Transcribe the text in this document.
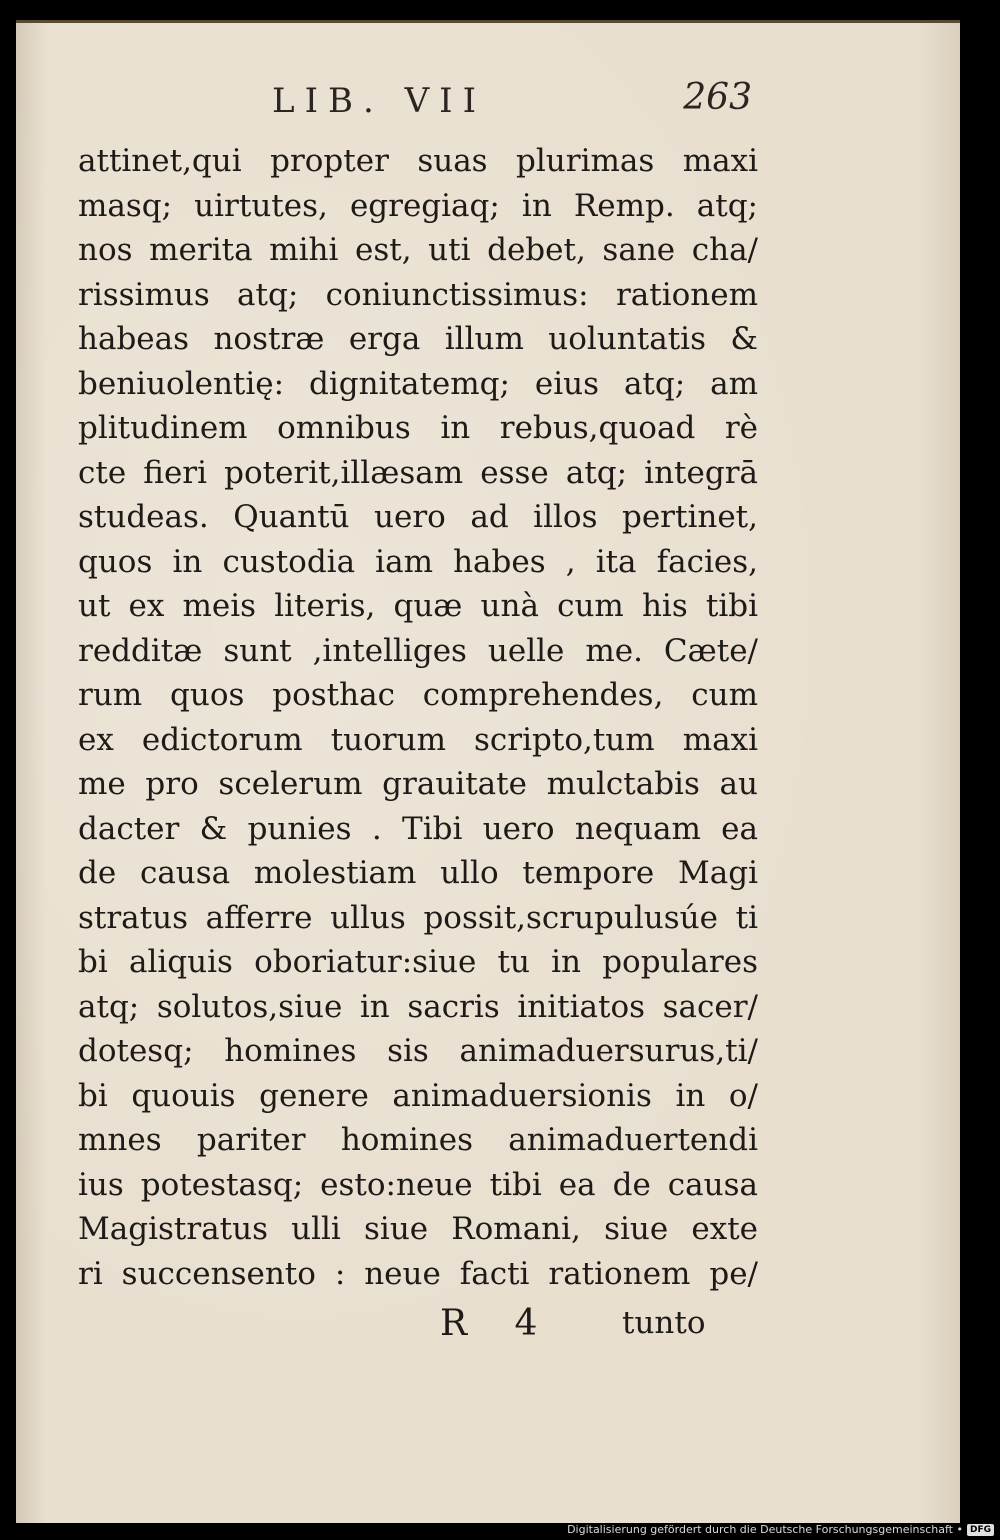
LIB. VII	263
attinet,qui propter suas plurimas maxi
masq; uirtutes, egregiaq; in Remp. atq;
nos merita mihi est, uti debet, sane cha/
rissimus atq; coniunctissimus: rationem
habeas nostræ erga illum uoluntatis &
beniuolentię: dignitatemq; eius atq; am
plitudinem omnibus in rebus,quoad rè
cte fieri poterit,illæsam esse atq; integrā
studeas. Quantū uero ad illos pertinet,
quos in custodia iam habes , ita facies,
ut ex meis literis, quæ unà cum his tibi
redditæ sunt ,intelliges uelle me. Cæte/
rum quos posthac comprehendes, cum
ex edictorum tuorum scripto,tum maxi
me pro scelerum grauitate mulctabis au
dacter & punies . Tibi uero nequam ea
de causa molestiam ullo tempore Magi
stratus afferre ullus possit,scrupulusúe ti
bi aliquis oboriatur:siue tu in populares
atq; solutos,siue in sacris initiatos sacer/
dotesq; homines sis animaduersurus,ti/
bi quouis genere animaduersionis in o/
mnes pariter homines animaduertendi
ius potestasq; esto:neue tibi ea de causa
Magistratus ulli siue Romani, siue exte
ri succensento : neue facti rationem pe/
R 4 tunto
Digitalisierung gefördert durch die Deutsche Forschungsgemeinschaft • DFG
